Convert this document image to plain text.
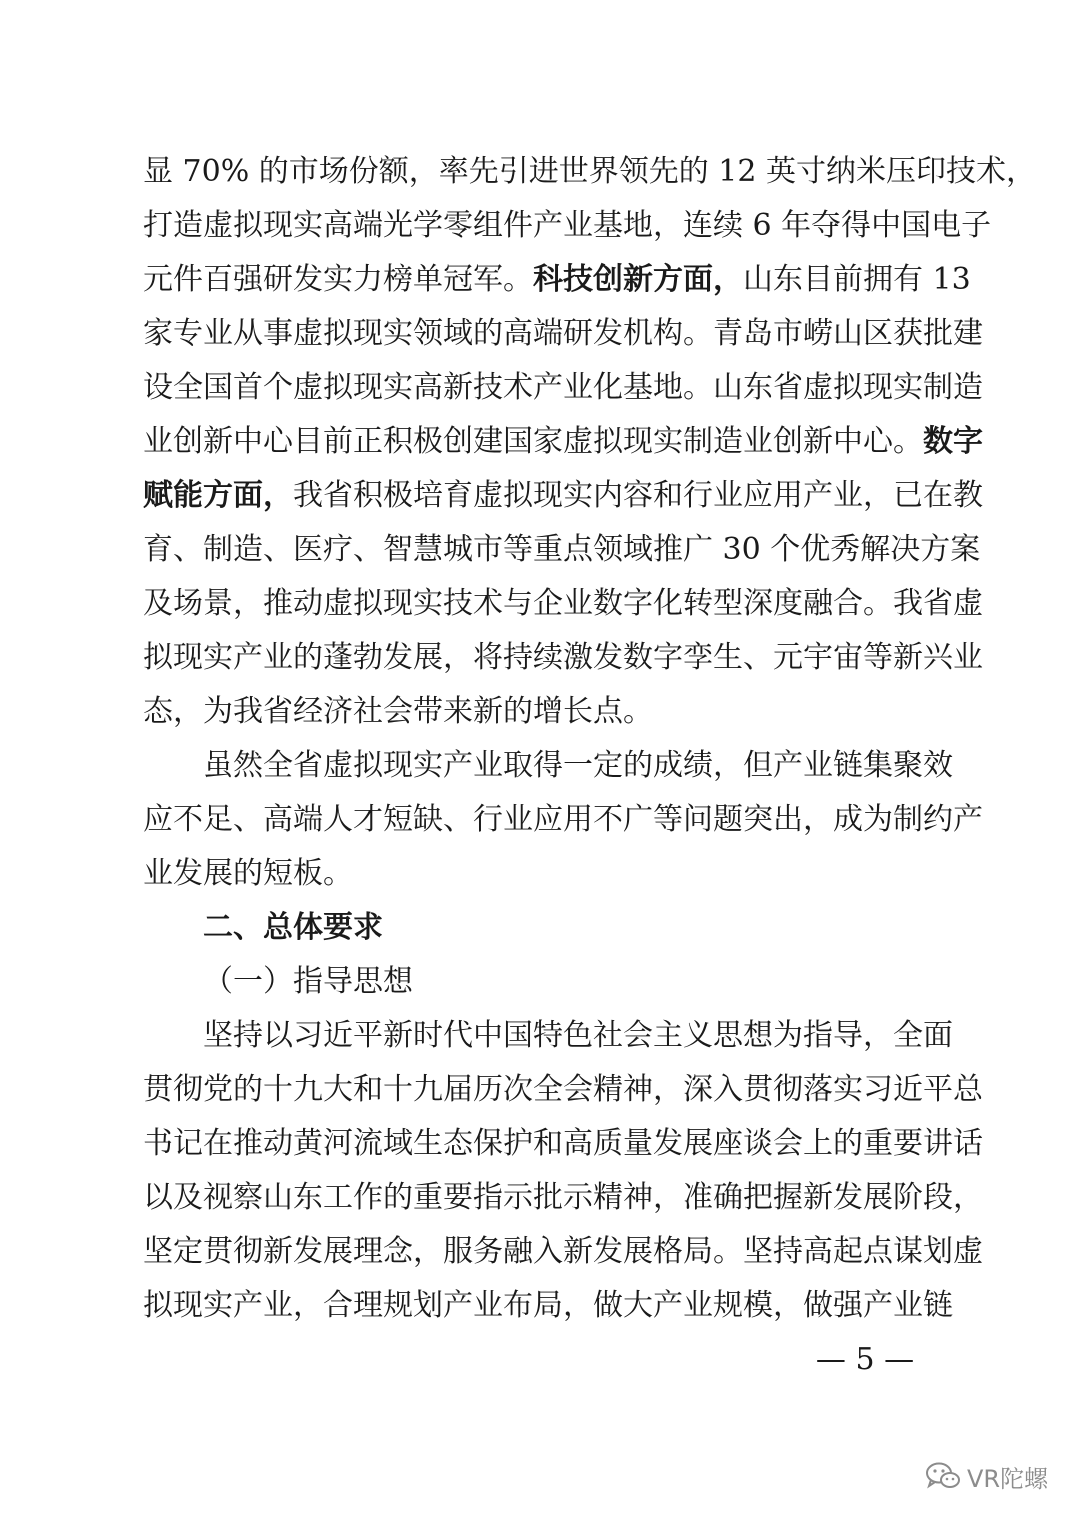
显 70% 的市场份额，率先引进世界领先的 12 英寸纳米压印技术，
打造虚拟现实高端光学零组件产业基地，连续 6 年夺得中国电子
元件百强研发实力榜单冠军。科技创新方面，山东目前拥有 13
家专业从事虚拟现实领域的高端研发机构。青岛市崂山区获批建
设全国首个虚拟现实高新技术产业化基地。山东省虚拟现实制造
业创新中心目前正积极创建国家虚拟现实制造业创新中心。数字
赋能方面，我省积极培育虚拟现实内容和行业应用产业，已在教
育、制造、医疗、智慧城市等重点领域推广 30 个优秀解决方案
及场景，推动虚拟现实技术与企业数字化转型深度融合。我省虚
拟现实产业的蓬勃发展，将持续激发数字孪生、元宇宙等新兴业
态，为我省经济社会带来新的增长点。
虽然全省虚拟现实产业取得一定的成绩，但产业链集聚效
应不足、高端人才短缺、行业应用不广等问题突出，成为制约产
业发展的短板。
二、总体要求
（一）指导思想
坚持以习近平新时代中国特色社会主义思想为指导，全面
贯彻党的十九大和十九届历次全会精神，深入贯彻落实习近平总
书记在推动黄河流域生态保护和高质量发展座谈会上的重要讲话
以及视察山东工作的重要指示批示精神，准确把握新发展阶段，
坚定贯彻新发展理念，服务融入新发展格局。坚持高起点谋划虚
拟现实产业，合理规划产业布局，做大产业规模，做强产业链
— 5 —
VR陀螺
